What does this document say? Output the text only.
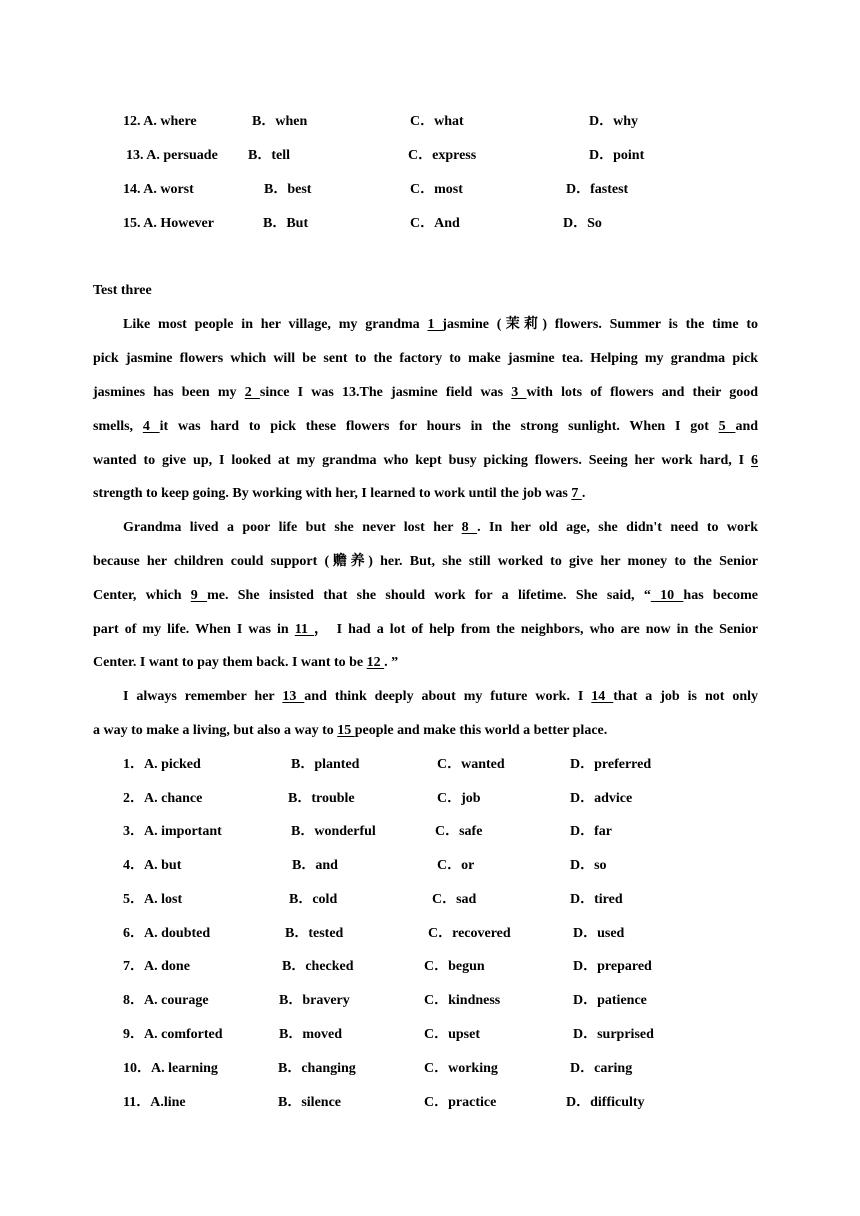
12. A. where	B．when	C．what	D．why
13. A. persuade B．tell	C．express	D．point
14. A. worst	B．best	C．most	D．fastest
15. A. However	B．But	C．And	D．So
Test three
Like most people in her village, my grandma 1 jasmine (茉莉) flowers. Summer is the time to
pick jasmine flowers which will be sent to the factory to make jasmine tea. Helping my grandma pick
jasmines has been my 2 since I was 13.The jasmine field was 3 with lots of flowers and their good
smells, 4 it was hard to pick these flowers for hours in the strong sunlight. When I got 5 and
wanted to give up, I looked at my grandma who kept busy picking flowers. Seeing her work hard, I 6
strength to keep going. By working with her, I learned to work until the job was 7 .
Grandma lived a poor life but she never lost her 8 . In her old age, she didn't need to work
because her children could support (赡养) her. But, she still worked to give her money to the Senior
Center, which 9 me. She insisted that she should work for a lifetime. She said, “ 10 has become
part of my life. When I was in 11 ， I had a lot of help from the neighbors, who are now in the Senior
Center. I want to pay them back. I want to be 12 . ”
I always remember her 13 and think deeply about my future work. I 14 that a job is not only
a way to make a living, but also a way to 15 people and make this world a better place.
1．A. picked	B．planted	C．wanted	D．preferred
2．A. chance	B．trouble	C．job	D．advice
3．A. important	B．wonderful	C．safe	D．far
4．A. but	B．and	C．or	D．so
5．A. lost	B．cold	C．sad	D．tired
6．A. doubted	B．tested	C．recovered	D．used
7．A. done	B．checked	C．begun	D．prepared
8．A. courage	B．bravery	C．kindness	D．patience
9．A. comforted	B．moved	C．upset	D．surprised
10．A. learning	B．changing	C．working	D．caring
11．A.line	B．silence	C．practice	D．difficulty
